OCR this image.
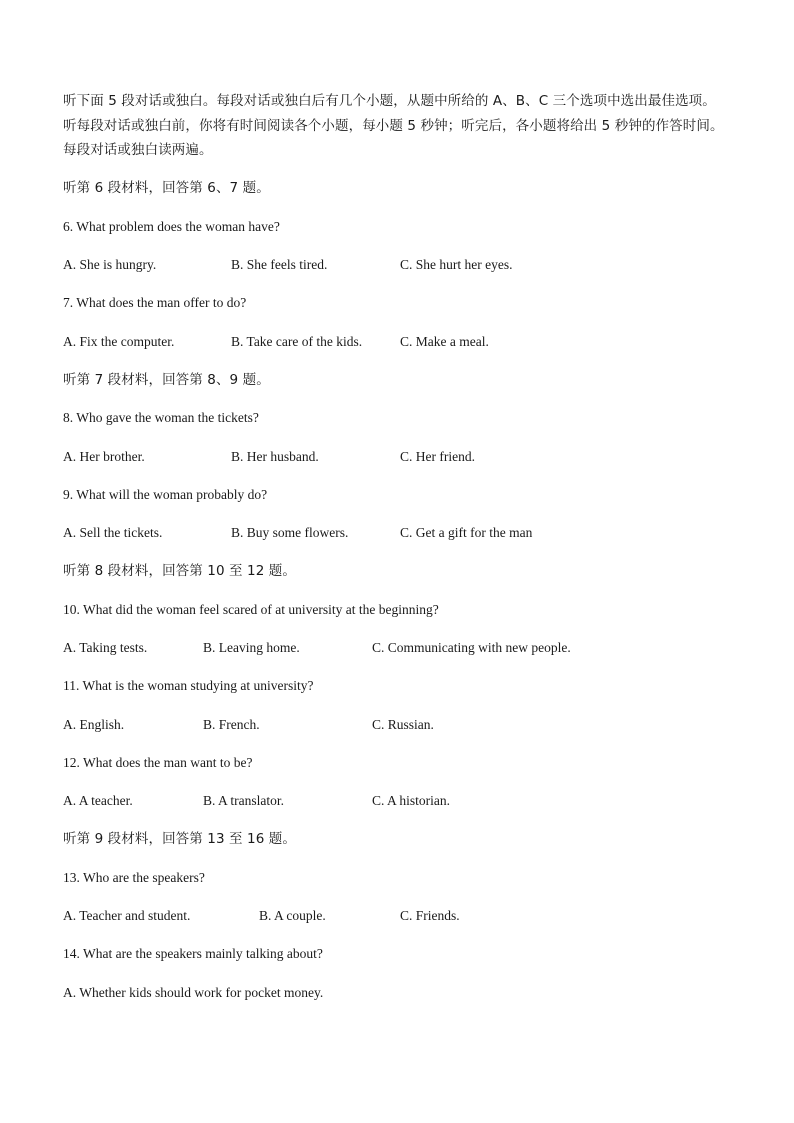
听下面 5 段对话或独白。每段对话或独白后有几个小题，从题中所给的 A、B、C 三个选项中选出最佳选项。
听每段对话或独白前，你将有时间阅读各个小题，每小题 5 秒钟；听完后，各小题将给出 5 秒钟的作答时间。
每段对话或独白读两遍。
听第 6 段材料，回答第 6、7 题。
6. What problem does the woman have?
A. She is hungry.	B. She feels tired.	C. She hurt her eyes.
7. What does the man offer to do?
A. Fix the computer.	B. Take care of the kids.	C. Make a meal.
听第 7 段材料，回答第 8、9 题。
8. Who gave the woman the tickets?
A. Her brother.	B. Her husband.	C. Her friend.
9. What will the woman probably do?
A. Sell the tickets.	B. Buy some flowers.	C. Get a gift for the man
听第 8 段材料，回答第 10 至 12 题。
10. What did the woman feel scared of at university at the beginning?
A. Taking tests.	B. Leaving home.	C. Communicating with new people.
11. What is the woman studying at university?
A. English.	B. French.	C. Russian.
12. What does the man want to be?
A. A teacher.	B. A translator.	C. A historian.
听第 9 段材料，回答第 13 至 16 题。
13. Who are the speakers?
A. Teacher and student.	B. A couple.	C. Friends.
14. What are the speakers mainly talking about?
A. Whether kids should work for pocket money.
